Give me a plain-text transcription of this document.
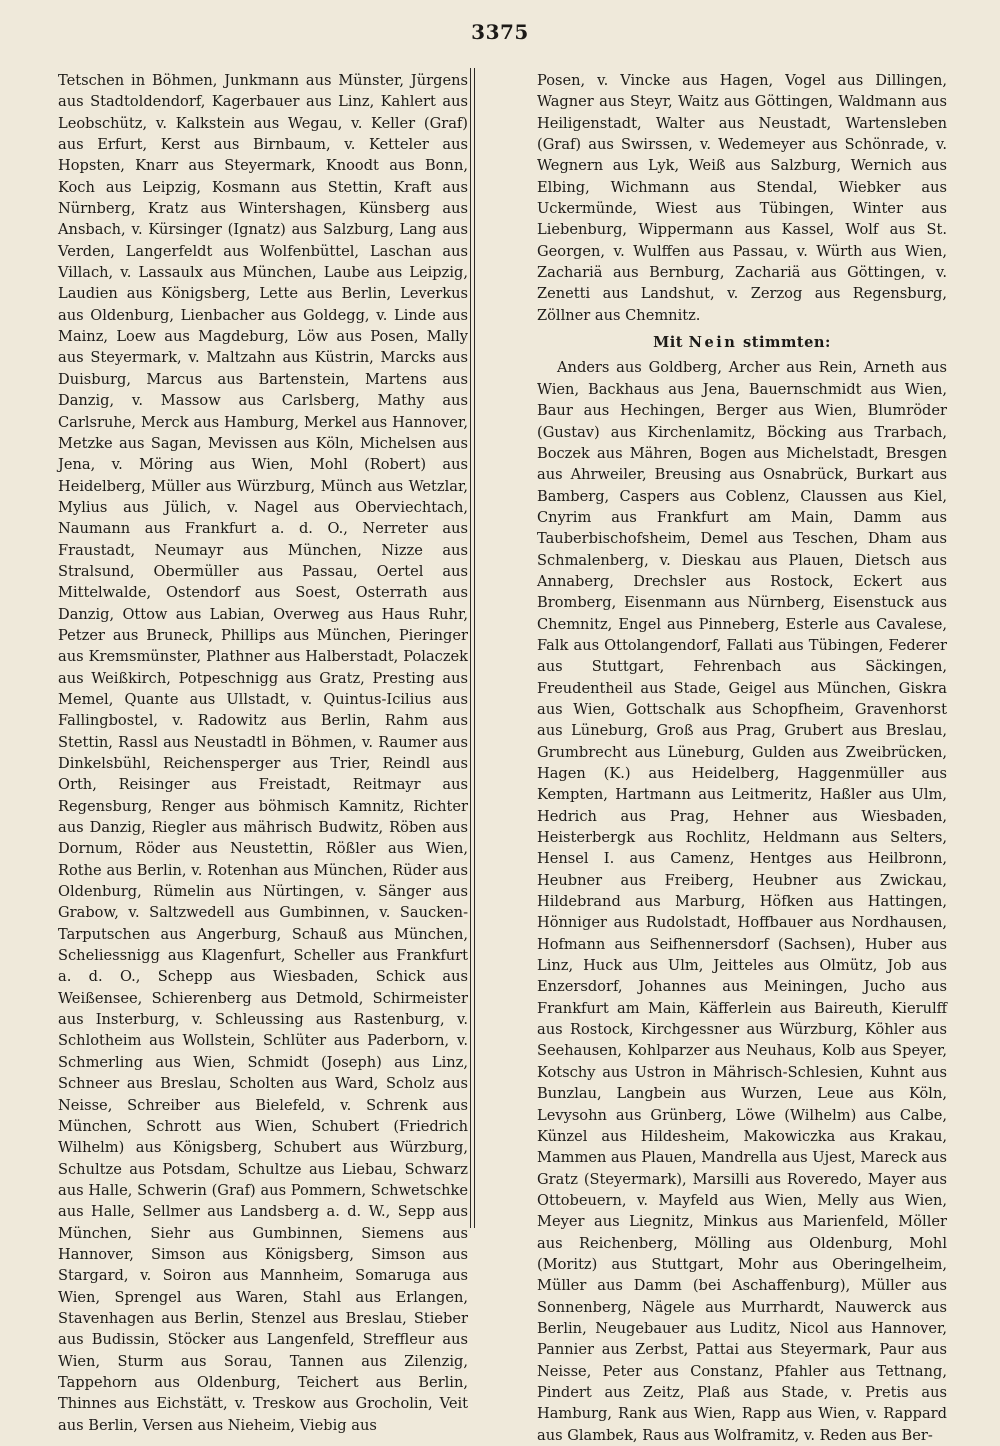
3375

Tetschen in Böhmen, Junkmann aus Münster, Jürgens aus Stadtoldendorf, Kagerbauer aus Linz, Kahlert aus Leobschütz, v. Kalkstein aus Wegau, v. Keller (Graf) aus Erfurt, Kerst aus Birnbaum, v. Ketteler aus Hopsten, Knarr aus Steyermark, Knoodt aus Bonn, Koch aus Leipzig, Kosmann aus Stettin, Kraft aus Nürnberg, Kratz aus Wintershagen, Künsberg aus Ansbach, v. Kürsinger (Ignatz) aus Salzburg, Lang aus Verden, Langerfeldt aus Wolfenbüttel, Laschan aus Villach, v. Lassaulx aus München, Laube aus Leipzig, Laudien aus Königsberg, Lette aus Berlin, Leverkus aus Oldenburg, Lienbacher aus Goldegg, v. Linde aus Mainz, Loew aus Magdeburg, Löw aus Posen, Mally aus Steyermark, v. Maltzahn aus Küstrin, Marcks aus Duisburg, Marcus aus Bartenstein, Martens aus Danzig, v. Massow aus Carlsberg, Mathy aus Carlsruhe, Merck aus Hamburg, Merkel aus Hannover, Metzke aus Sagan, Mevissen aus Köln, Michelsen aus Jena, v. Möring aus Wien, Mohl (Robert) aus Heidelberg, Müller aus Würzburg, Münch aus Wetzlar, Mylius aus Jülich, v. Nagel aus Oberviechtach, Naumann aus Frankfurt a. d. O., Nerreter aus Fraustadt, Neumayr aus München, Nizze aus Stralsund, Obermüller aus Passau, Oertel aus Mittelwalde, Ostendorf aus Soest, Osterrath aus Danzig, Ottow aus Labian, Overweg aus Haus Ruhr, Petzer aus Bruneck, Phillips aus München, Pieringer aus Kremsmünster, Plathner aus Halberstadt, Polaczek aus Weißkirch, Potpeschnigg aus Gratz, Presting aus Memel, Quante aus Ullstadt, v. Quintus-Icilius aus Fallingbostel, v. Radowitz aus Berlin, Rahm aus Stettin, Rassl aus Neustadtl in Böhmen, v. Raumer aus Dinkelsbühl, Reichensperger aus Trier, Reindl aus Orth, Reisinger aus Freistadt, Reitmayr aus Regensburg, Renger aus böhmisch Kamnitz, Richter aus Danzig, Riegler aus mährisch Budwitz, Röben aus Dornum, Röder aus Neustettin, Rößler aus Wien, Rothe aus Berlin, v. Rotenhan aus München, Rüder aus Oldenburg, Rümelin aus Nürtingen, v. Sänger aus Grabow, v. Saltzwedell aus Gumbinnen, v. Saucken-Tarputschen aus Angerburg, Schauß aus München, Scheliessnigg aus Klagenfurt, Scheller aus Frankfurt a. d. O., Schepp aus Wiesbaden, Schick aus Weißensee, Schierenberg aus Detmold, Schirmeister aus Insterburg, v. Schleussing aus Rastenburg, v. Schlotheim aus Wollstein, Schlüter aus Paderborn, v. Schmerling aus Wien, Schmidt (Joseph) aus Linz, Schneer aus Breslau, Scholten aus Ward, Scholz aus Neisse, Schreiber aus Bielefeld, v. Schrenk aus München, Schrott aus Wien, Schubert (Friedrich Wilhelm) aus Königsberg, Schubert aus Würzburg, Schultze aus Potsdam, Schultze aus Liebau, Schwarz aus Halle, Schwerin (Graf) aus Pommern, Schwetschke aus Halle, Sellmer aus Landsberg a. d. W., Sepp aus München, Siehr aus Gumbinnen, Siemens aus Hannover, Simson aus Königsberg, Simson aus Stargard, v. Soiron aus Mannheim, Somaruga aus Wien, Sprengel aus Waren, Stahl aus Erlangen, Stavenhagen aus Berlin, Stenzel aus Breslau, Stieber aus Budissin, Stöcker aus Langenfeld, Streffleur aus Wien, Sturm aus Sorau, Tannen aus Zilenzig, Tappehorn aus Oldenburg, Teichert aus Berlin, Thinnes aus Eichstätt, v. Treskow aus Grocholin, Veit aus Berlin, Versen aus Nieheim, Viebig aus

Posen, v. Vincke aus Hagen, Vogel aus Dillingen, Wagner aus Steyr, Waitz aus Göttingen, Waldmann aus Heiligenstadt, Walter aus Neustadt, Wartensleben (Graf) aus Swirssen, v. Wedemeyer aus Schönrade, v. Wegnern aus Lyk, Weiß aus Salzburg, Wernich aus Elbing, Wichmann aus Stendal, Wiebker aus Uckermünde, Wiest aus Tübingen, Winter aus Liebenburg, Wippermann aus Kassel, Wolf aus St. Georgen, v. Wulffen aus Passau, v. Würth aus Wien, Zachariä aus Bernburg, Zachariä aus Göttingen, v. Zenetti aus Landshut, v. Zerzog aus Regensburg, Zöllner aus Chemnitz.

Mit Nein stimmten:

Anders aus Goldberg, Archer aus Rein, Arneth aus Wien, Backhaus aus Jena, Bauernschmidt aus Wien, Baur aus Hechingen, Berger aus Wien, Blumröder (Gustav) aus Kirchenlamitz, Böcking aus Trarbach, Boczek aus Mähren, Bogen aus Michelstadt, Bresgen aus Ahrweiler, Breusing aus Osnabrück, Burkart aus Bamberg, Caspers aus Coblenz, Claussen aus Kiel, Cnyrim aus Frankfurt am Main, Damm aus Tauberbischofsheim, Demel aus Teschen, Dham aus Schmalenberg, v. Dieskau aus Plauen, Dietsch aus Annaberg, Drechsler aus Rostock, Eckert aus Bromberg, Eisenmann aus Nürnberg, Eisenstuck aus Chemnitz, Engel aus Pinneberg, Esterle aus Cavalese, Falk aus Ottolangendorf, Fallati aus Tübingen, Federer aus Stuttgart, Fehrenbach aus Säckingen, Freudentheil aus Stade, Geigel aus München, Giskra aus Wien, Gottschalk aus Schopfheim, Gravenhorst aus Lüneburg, Groß aus Prag, Grubert aus Breslau, Grumbrecht aus Lüneburg, Gulden aus Zweibrücken, Hagen (K.) aus Heidelberg, Haggenmüller aus Kempten, Hartmann aus Leitmeritz, Haßler aus Ulm, Hedrich aus Prag, Hehner aus Wiesbaden, Heisterbergk aus Rochlitz, Heldmann aus Selters, Hensel I. aus Camenz, Hentges aus Heilbronn, Heubner aus Freiberg, Heubner aus Zwickau, Hildebrand aus Marburg, Höfken aus Hattingen, Hönniger aus Rudolstadt, Hoffbauer aus Nordhausen, Hofmann aus Seifhennersdorf (Sachsen), Huber aus Linz, Huck aus Ulm, Jeitteles aus Olmütz, Job aus Enzersdorf, Johannes aus Meiningen, Jucho aus Frankfurt am Main, Käfferlein aus Baireuth, Kierulff aus Rostock, Kirchgessner aus Würzburg, Köhler aus Seehausen, Kohlparzer aus Neuhaus, Kolb aus Speyer, Kotschy aus Ustron in Mährisch-Schlesien, Kuhnt aus Bunzlau, Langbein aus Wurzen, Leue aus Köln, Levysohn aus Grünberg, Löwe (Wilhelm) aus Calbe, Künzel aus Hildesheim, Makowiczka aus Krakau, Mammen aus Plauen, Mandrella aus Ujest, Mareck aus Gratz (Steyermark), Marsilli aus Roveredo, Mayer aus Ottobeuern, v. Mayfeld aus Wien, Melly aus Wien, Meyer aus Liegnitz, Minkus aus Marienfeld, Möller aus Reichenberg, Mölling aus Oldenburg, Mohl (Moritz) aus Stuttgart, Mohr aus Oberingelheim, Müller aus Damm (bei Aschaffenburg), Müller aus Sonnenberg, Nägele aus Murrhardt, Nauwerck aus Berlin, Neugebauer aus Luditz, Nicol aus Hannover, Pannier aus Zerbst, Pattai aus Steyermark, Paur aus Neisse, Peter aus Constanz, Pfahler aus Tettnang, Pindert aus Zeitz, Plaß aus Stade, v. Pretis aus Hamburg, Rank aus Wien, Rapp aus Wien, v. Rappard aus Glambek, Raus aus Wolframitz, v. Reden aus Ber-
